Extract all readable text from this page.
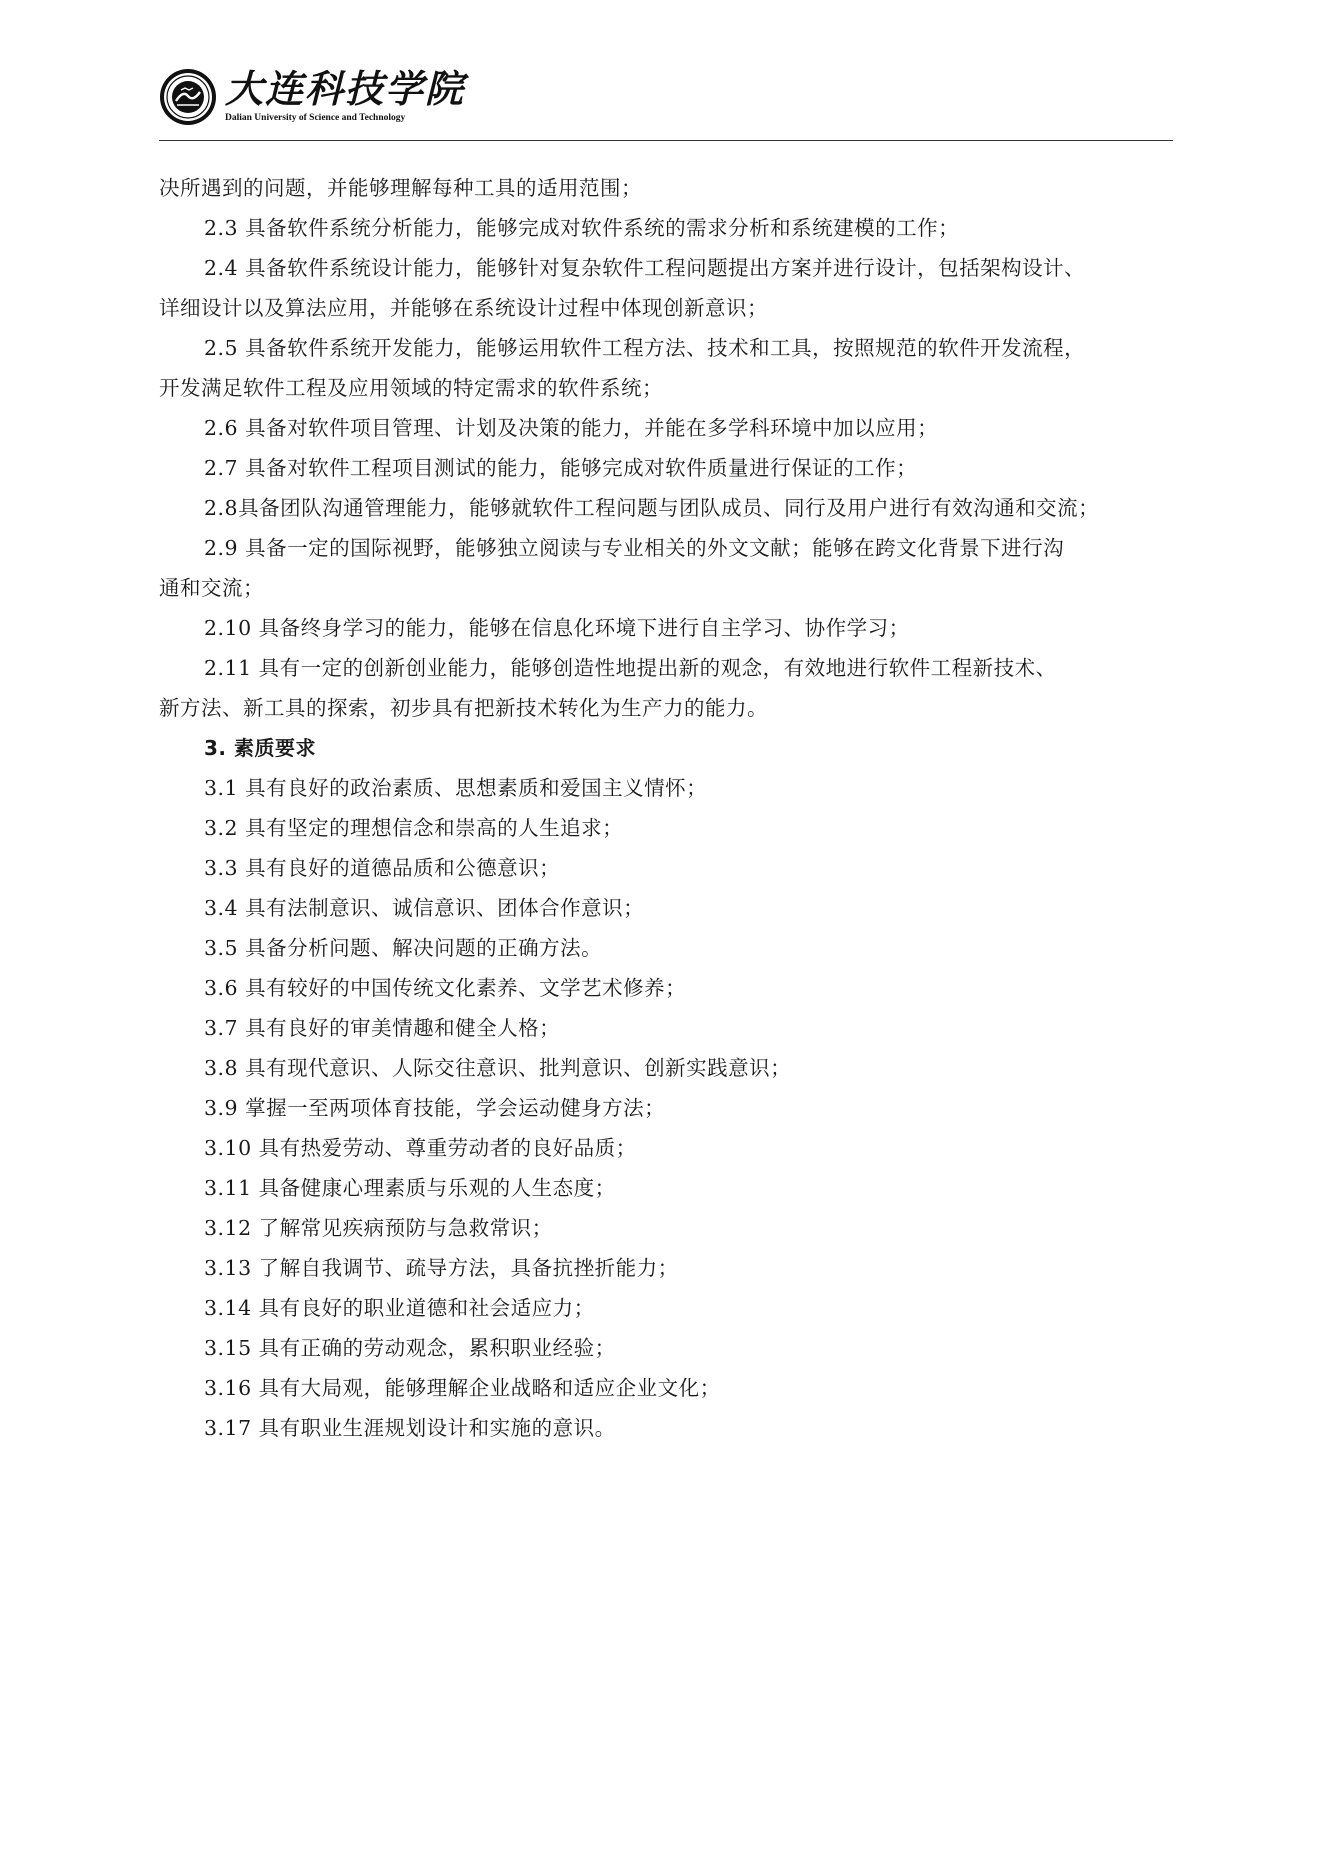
大连科技学院
Dalian University of Science and Technology
决所遇到的问题，并能够理解每种工具的适用范围；
2.3 具备软件系统分析能力，能够完成对软件系统的需求分析和系统建模的工作；
2.4 具备软件系统设计能力，能够针对复杂软件工程问题提出方案并进行设计，包括架构设计、
详细设计以及算法应用，并能够在系统设计过程中体现创新意识；
2.5 具备软件系统开发能力，能够运用软件工程方法、技术和工具，按照规范的软件开发流程，
开发满足软件工程及应用领域的特定需求的软件系统；
2.6 具备对软件项目管理、计划及决策的能力，并能在多学科环境中加以应用；
2.7 具备对软件工程项目测试的能力，能够完成对软件质量进行保证的工作；
2.8具备团队沟通管理能力，能够就软件工程问题与团队成员、同行及用户进行有效沟通和交流；
2.9 具备一定的国际视野，能够独立阅读与专业相关的外文文献；能够在跨文化背景下进行沟
通和交流；
2.10 具备终身学习的能力，能够在信息化环境下进行自主学习、协作学习；
2.11 具有一定的创新创业能力，能够创造性地提出新的观念，有效地进行软件工程新技术、
新方法、新工具的探索，初步具有把新技术转化为生产力的能力。
3. 素质要求
3.1 具有良好的政治素质、思想素质和爱国主义情怀；
3.2 具有坚定的理想信念和崇高的人生追求；
3.3 具有良好的道德品质和公德意识；
3.4 具有法制意识、诚信意识、团体合作意识；
3.5 具备分析问题、解决问题的正确方法。
3.6 具有较好的中国传统文化素养、文学艺术修养；
3.7 具有良好的审美情趣和健全人格；
3.8 具有现代意识、人际交往意识、批判意识、创新实践意识；
3.9 掌握一至两项体育技能，学会运动健身方法；
3.10 具有热爱劳动、尊重劳动者的良好品质；
3.11 具备健康心理素质与乐观的人生态度；
3.12 了解常见疾病预防与急救常识；
3.13 了解自我调节、疏导方法，具备抗挫折能力；
3.14 具有良好的职业道德和社会适应力；
3.15 具有正确的劳动观念，累积职业经验；
3.16 具有大局观，能够理解企业战略和适应企业文化；
3.17 具有职业生涯规划设计和实施的意识。
